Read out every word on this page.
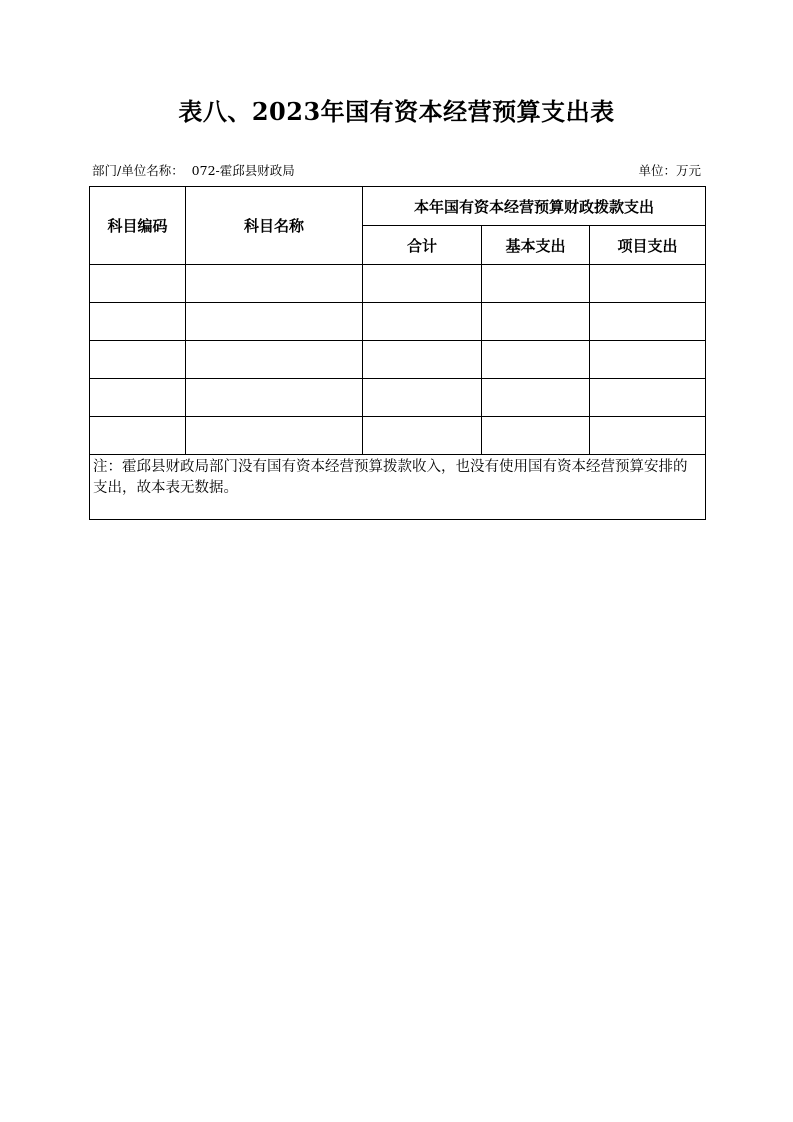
表八、2023年国有资本经营预算支出表
部门/单位名称： 072-霍邱县财政局	单位：万元
科目编码	科目名称	本年国有资本经营预算财政拨款支出		
		合计	基本支出	项目支出

注：霍邱县财政局部门没有国有资本经营预算拨款收入，也没有使用国有资本经营预算安排的支出，故本表无数据。				
